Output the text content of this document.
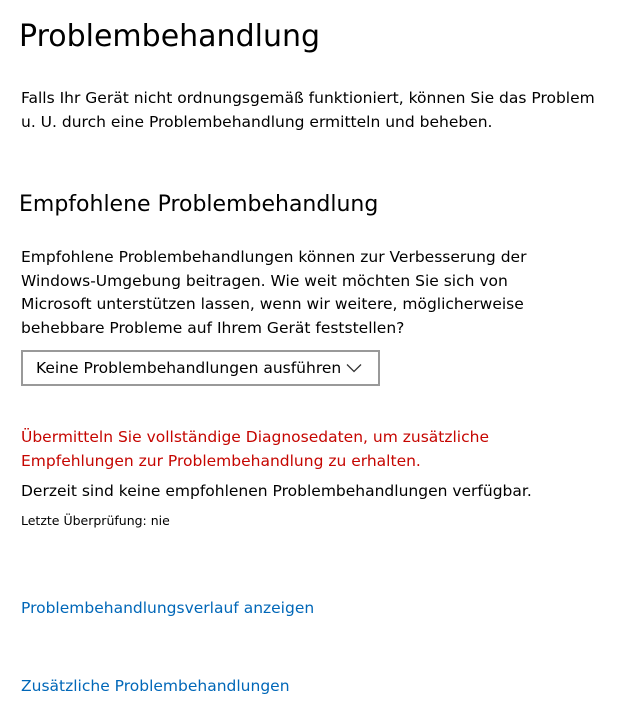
Problembehandlung

Falls Ihr Gerät nicht ordnungsgemäß funktioniert, können Sie das Problem u. U. durch eine Problembehandlung ermitteln und beheben.

Empfohlene Problembehandlung

Empfohlene Problembehandlungen können zur Verbesserung der Windows-Umgebung beitragen. Wie weit möchten Sie sich von Microsoft unterstützen lassen, wenn wir weitere, möglicherweise behebbare Probleme auf Ihrem Gerät feststellen?

Keine Problembehandlungen ausführen

Übermitteln Sie vollständige Diagnosedaten, um zusätzliche Empfehlungen zur Problembehandlung zu erhalten.

Derzeit sind keine empfohlenen Problembehandlungen verfügbar.

Letzte Überprüfung: nie

Problembehandlungsverlauf anzeigen
Zusätzliche Problembehandlungen
